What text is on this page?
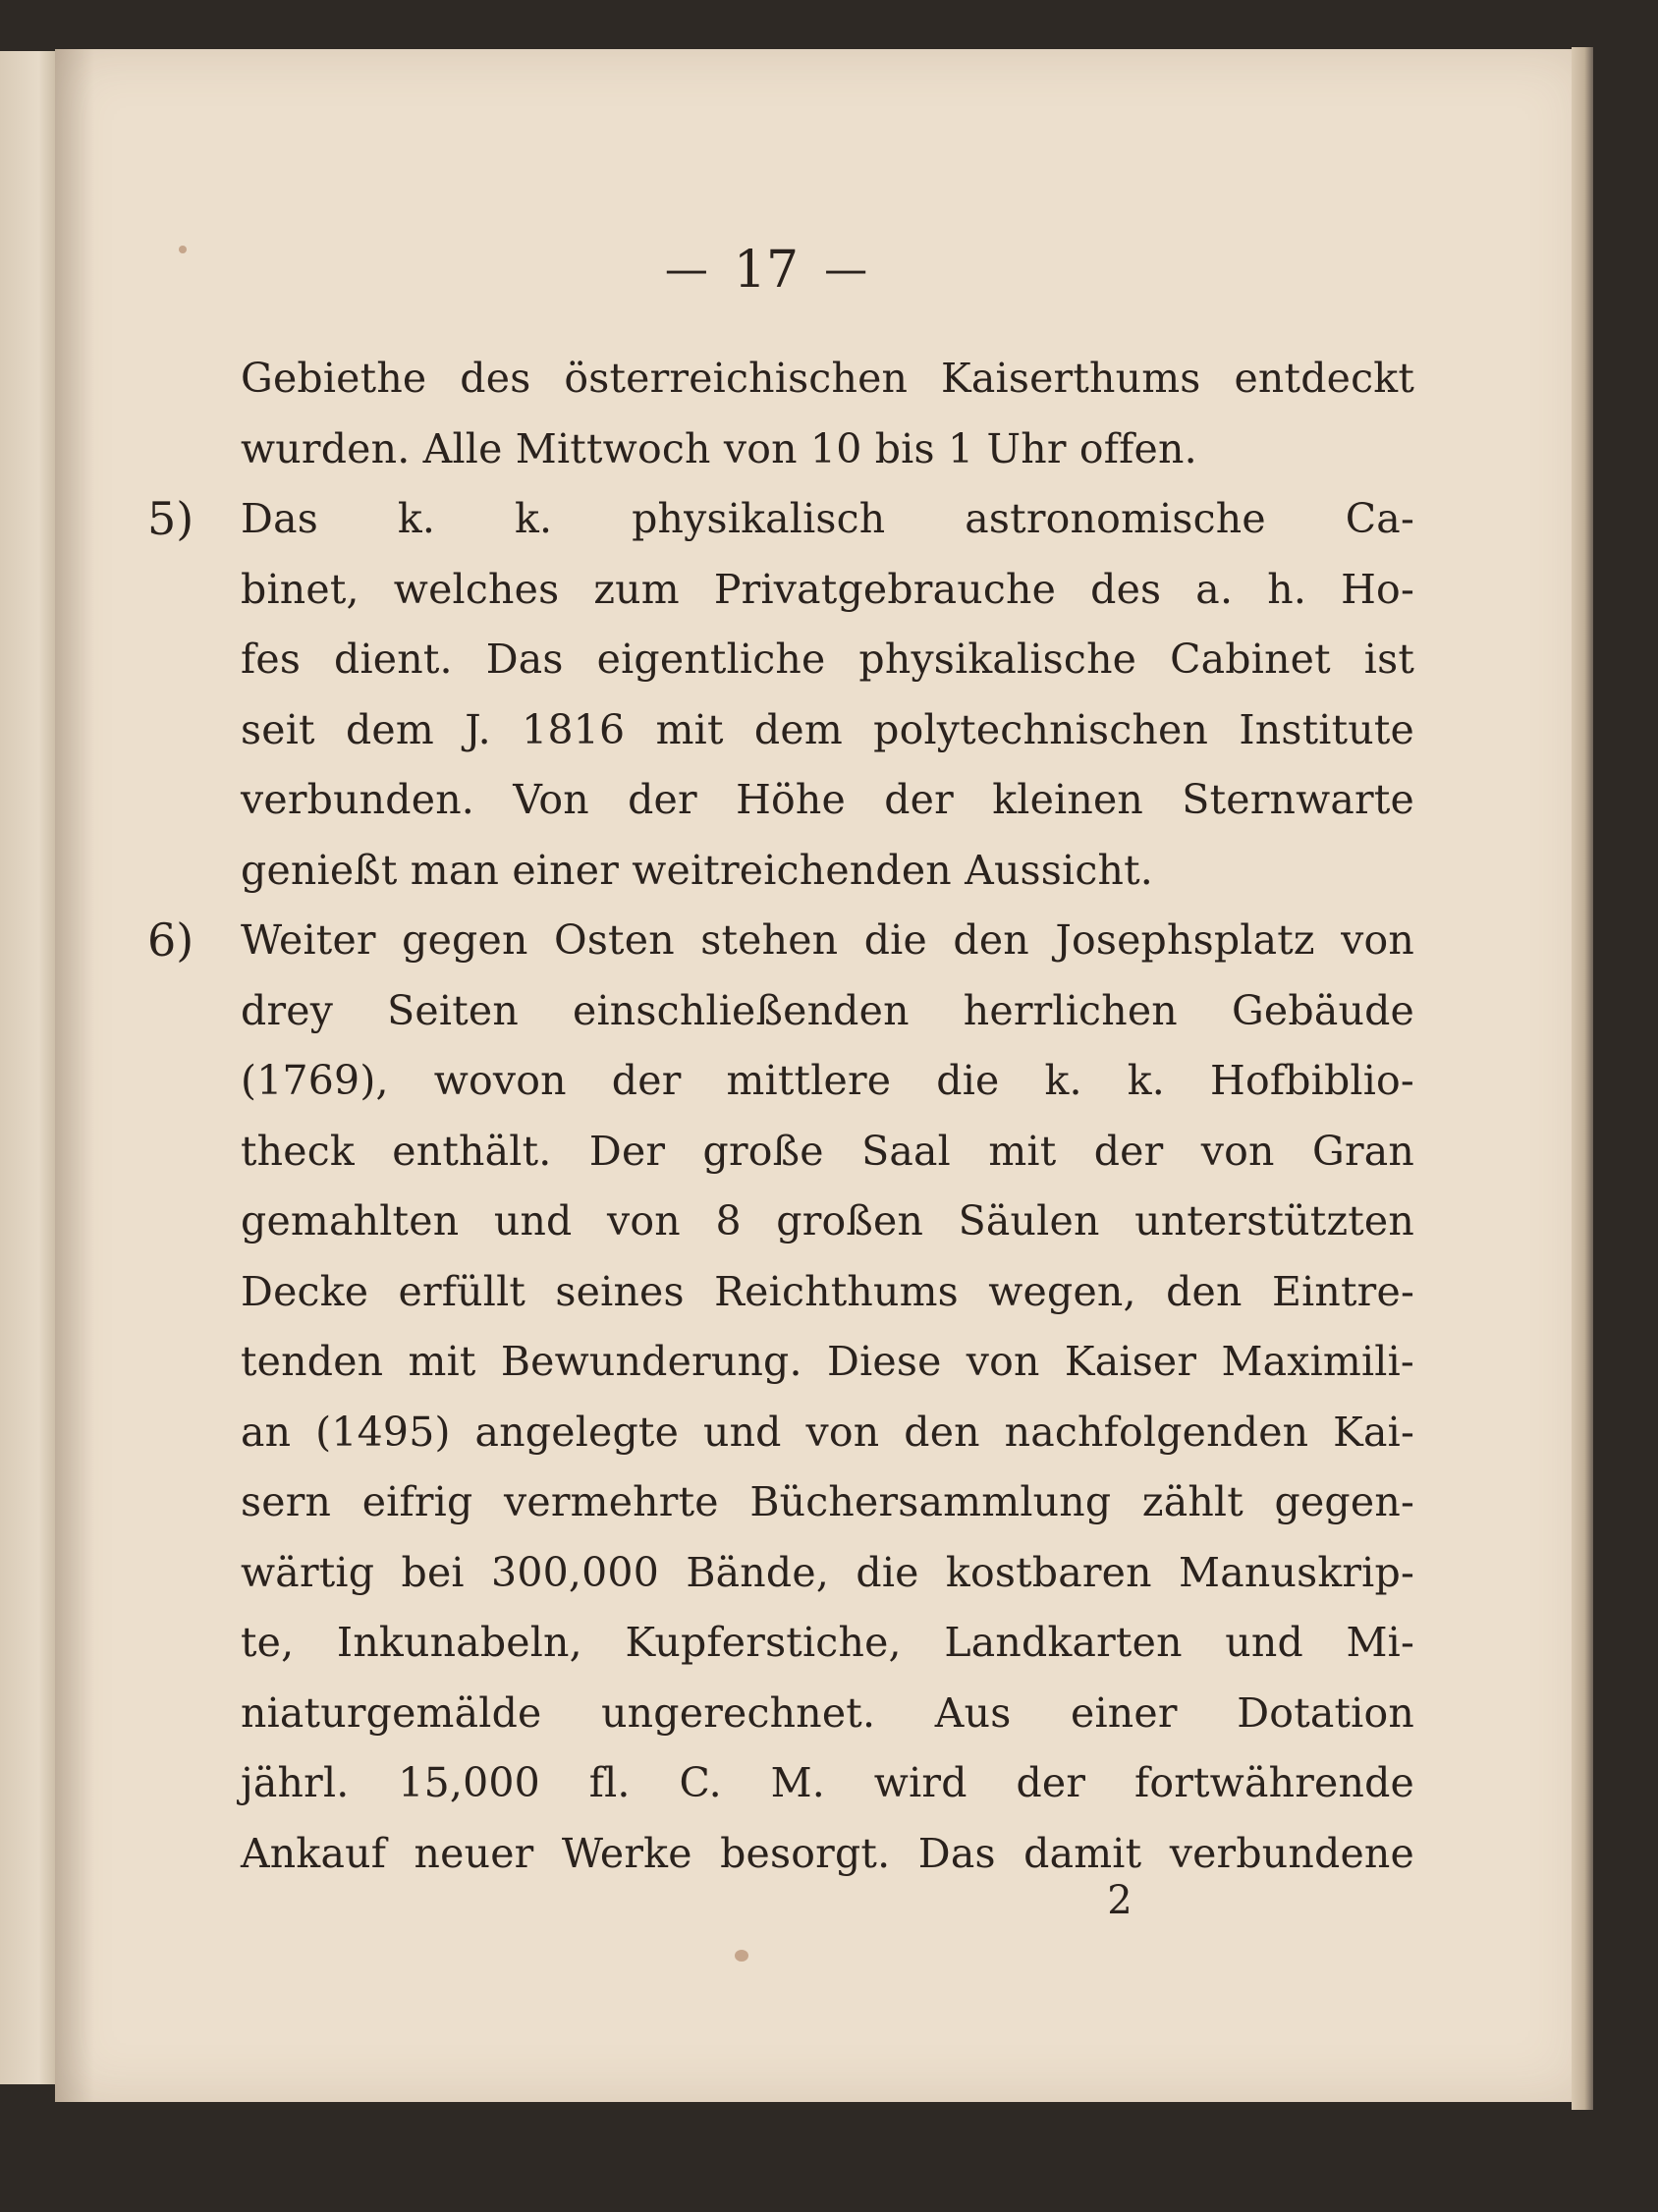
— 17 —
Gebiethe des österreichischen Kaiserthums entdeckt
wurden. Alle Mittwoch von 10 bis 1 Uhr offen.
5)	Das k. k. physikalisch astronomische Ca-
binet, welches zum Privatgebrauche des a. h. Ho-
fes dient. Das eigentliche physikalische Cabinet ist
seit dem J. 1816 mit dem polytechnischen Institute
verbunden. Von der Höhe der kleinen Sternwarte
genießt man einer weitreichenden Aussicht.
6)	Weiter gegen Osten stehen die den Josephsplatz von
drey Seiten einschließenden herrlichen Gebäude
(1769), wovon der mittlere die k. k. Hofbiblio-
theck enthält. Der große Saal mit der von Gran
gemahlten und von 8 großen Säulen unterstützten
Decke erfüllt seines Reichthums wegen, den Eintre-
tenden mit Bewunderung. Diese von Kaiser Maximili-
an (1495) angelegte und von den nachfolgenden Kai-
sern eifrig vermehrte Büchersammlung zählt gegen-
wärtig bei 300,000 Bände, die kostbaren Manuskrip-
te, Inkunabeln, Kupferstiche, Landkarten und Mi-
niaturgemälde ungerechnet. Aus einer Dotation
jährl. 15,000 fl. C. M. wird der fortwährende
Ankauf neuer Werke besorgt. Das damit verbundene
2
